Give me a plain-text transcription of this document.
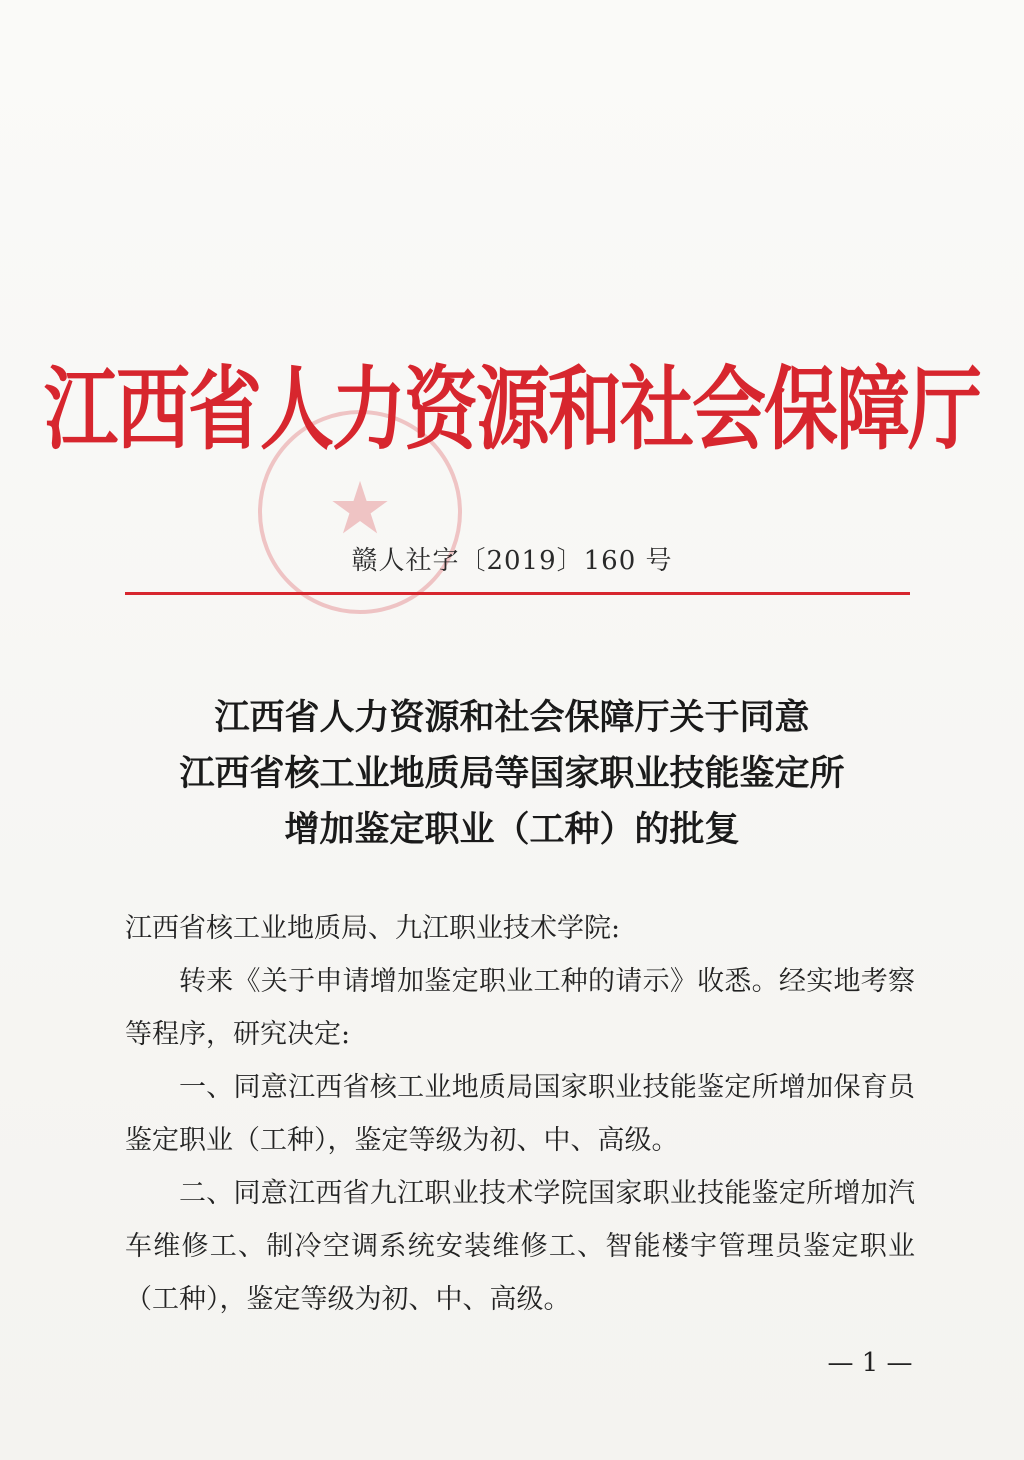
★
江西省人力资源和社会保障厅
赣人社字〔2019〕160 号
江西省人力资源和社会保障厅关于同意
江西省核工业地质局等国家职业技能鉴定所
增加鉴定职业（工种）的批复

江西省核工业地质局、九江职业技术学院:

转来《关于申请增加鉴定职业工种的请示》收悉。经实地考察等程序，研究决定:

一、同意江西省核工业地质局国家职业技能鉴定所增加保育员鉴定职业（工种），鉴定等级为初、中、高级。

二、同意江西省九江职业技术学院国家职业技能鉴定所增加汽车维修工、制冷空调系统安装维修工、智能楼宇管理员鉴定职业（工种），鉴定等级为初、中、高级。

— 1 —
